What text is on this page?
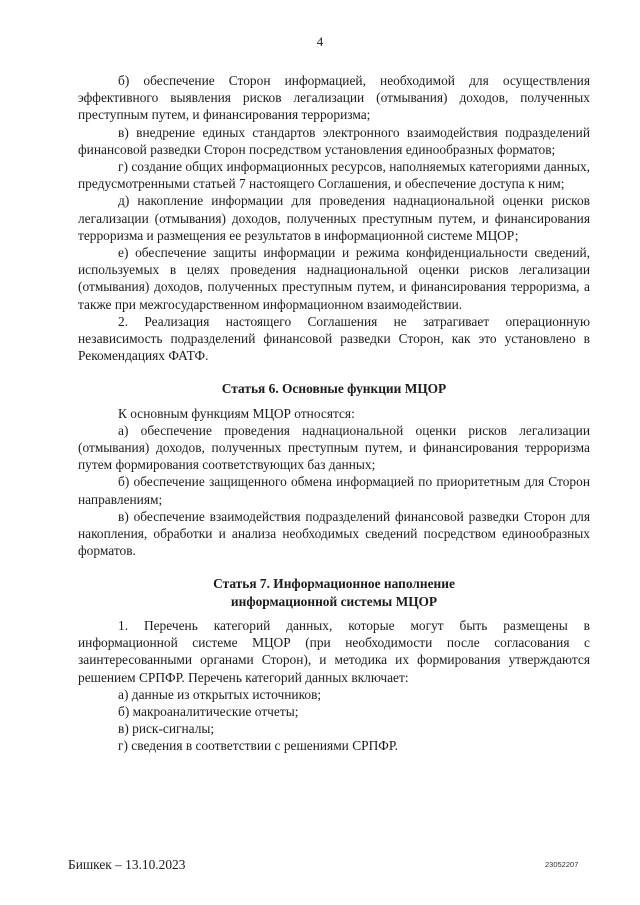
4

б) обеспечение Сторон информацией, необходимой для осуществления эффективного выявления рисков легализации (отмывания) доходов, полученных преступным путем, и финансирования терроризма;

в) внедрение единых стандартов электронного взаимодействия подразделений финансовой разведки Сторон посредством установления единообразных форматов;

г) создание общих информационных ресурсов, наполняемых категориями данных, предусмотренными статьей 7 настоящего Соглашения, и обеспечение доступа к ним;

д) накопление информации для проведения наднациональной оценки рисков легализации (отмывания) доходов, полученных преступным путем, и финансирования терроризма и размещения ее результатов в информационной системе МЦОР;

е) обеспечение защиты информации и режима конфиденциальности сведений, используемых в целях проведения наднациональной оценки рисков легализации (отмывания) доходов, полученных преступным путем, и финансирования терроризма, а также при межгосударственном информационном взаимодействии.

2. Реализация настоящего Соглашения не затрагивает операционную независимость подразделений финансовой разведки Сторон, как это установлено в Рекомендациях ФАТФ.

Статья 6. Основные функции МЦОР

К основным функциям МЦОР относятся:

а) обеспечение проведения наднациональной оценки рисков легализации (отмывания) доходов, полученных преступным путем, и финансирования терроризма путем формирования соответствующих баз данных;

б) обеспечение защищенного обмена информацией по приоритетным для Сторон направлениям;

в) обеспечение взаимодействия подразделений финансовой разведки Сторон для накопления, обработки и анализа необходимых сведений посредством единообразных форматов.

Статья 7. Информационное наполнение

информационной системы МЦОР

1. Перечень категорий данных, которые могут быть размещены в информационной системе МЦОР (при необходимости после согласования с заинтересованными органами Сторон), и методика их формирования утверждаются решением СРПФР. Перечень категорий данных включает:

а) данные из открытых источников;

б) макроаналитические отчеты;

в) риск-сигналы;

г) сведения в соответствии с решениями СРПФР.

Бишкек – 13.10.2023	23052207
